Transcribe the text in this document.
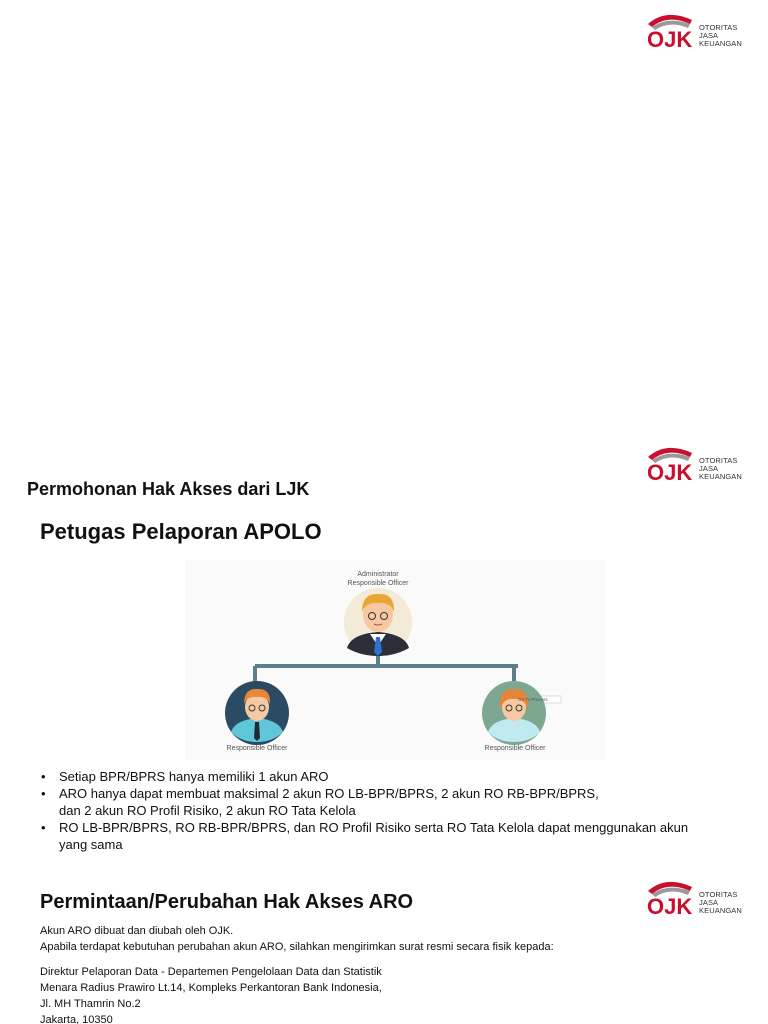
OJK OTORITAS
JASA
KEUANGAN
OJK OTORITAS
JASA
KEUANGAN
Permohonan Hak Akses dari LJK
Petugas Pelaporan APOLO
Administrator
Responsible Officer
Ro To Process
Responsible Officer	Responsible Officer
• Setiap BPR/BPRS hanya memiliki 1 akun ARO
• ARO hanya dapat membuat maksimal 2 akun RO LB-BPR/BPRS, 2 akun RO RB-BPR/BPRS, dan 2 akun RO Profil Risiko, 2 akun RO Tata Kelola
• RO LB-BPR/BPRS, RO RB-BPR/BPRS, dan RO Profil Risiko serta RO Tata Kelola dapat menggunakan akun yang sama
OJK OTORITAS
JASA
KEUANGAN
Permintaan/Perubahan Hak Akses ARO

Akun ARO dibuat dan diubah oleh OJK.
Apabila terdapat kebutuhan perubahan akun ARO, silahkan mengirimkan surat resmi secara fisik kepada:

Direktur Pelaporan Data - Departemen Pengelolaan Data dan Statistik
Menara Radius Prawiro Lt.14, Kompleks Perkantoran Bank Indonesia,
Jl. MH Thamrin No.2
Jakarta, 10350
